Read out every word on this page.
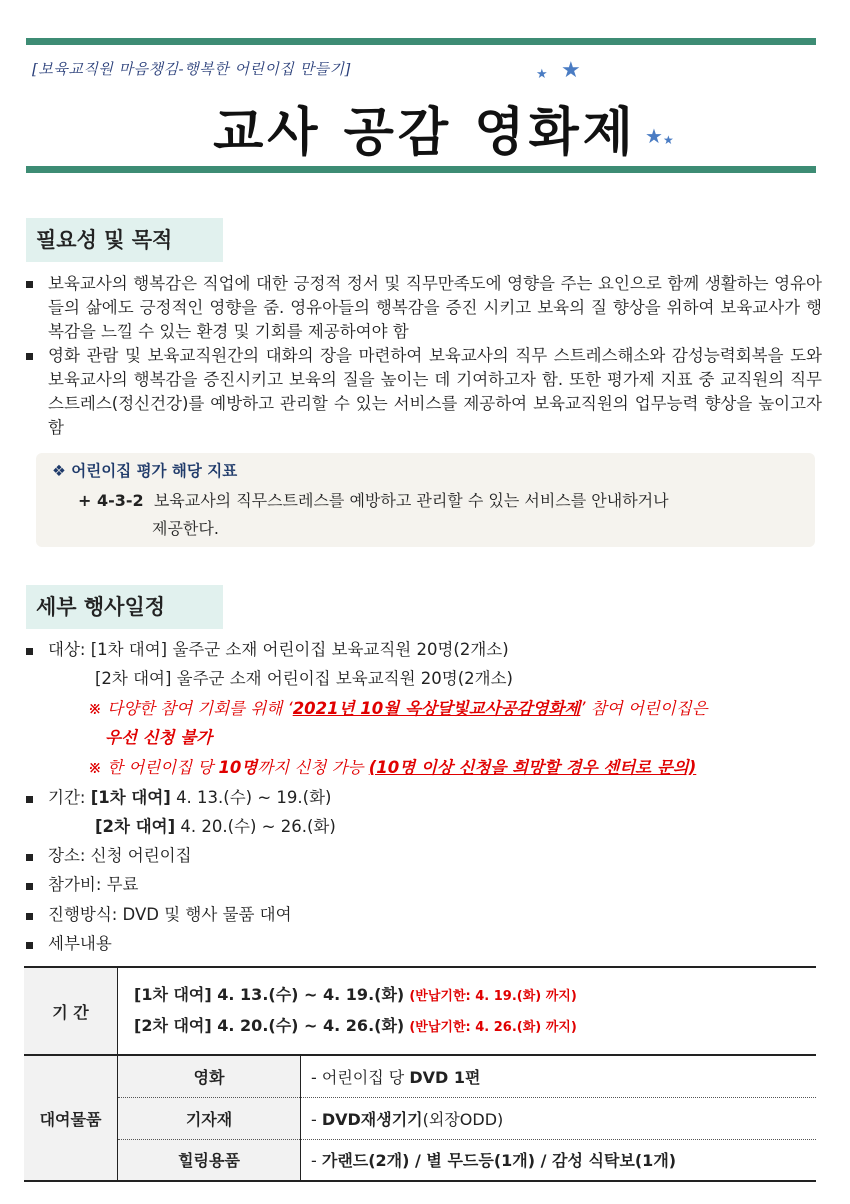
[보육교직원 마음챙김-행복한 어린이집 만들기]
교사 공감 영화제
★ ★
★ ★
필요성 및 목적
보육교사의 행복감은 직업에 대한 긍정적 정서 및 직무만족도에 영향을 주는 요인으로 함께 생활하는 영유아들의 삶에도 긍정적인 영향을 줌. 영유아들의 행복감을 증진 시키고 보육의 질 향상을 위하여 보육교사가 행복감을 느낄 수 있는 환경 및 기회를 제공하여야 함
영화 관람 및 보육교직원간의 대화의 장을 마련하여 보육교사의 직무 스트레스해소와 감성능력회복을 도와 보육교사의 행복감을 증진시키고 보육의 질을 높이는 데 기여하고자 함. 또한 평가제 지표 중 교직원의 직무스트레스(정신건강)를 예방하고 관리할 수 있는 서비스를 제공하여 보육교직원의 업무능력 향상을 높이고자 함
❖ 어린이집 평가 해당 지표
+ 4-3-2 보육교사의 직무스트레스를 예방하고 관리할 수 있는 서비스를 안내하거나
제공한다.
세부 행사일정
대상: [1차 대여] 울주군 소재 어린이집 보육교직원 20명(2개소)
[2차 대여] 울주군 소재 어린이집 보육교직원 20명(2개소)
※ 다양한 참여 기회를 위해 ‘2021년 10월 옥상달빛교사공감영화제’ 참여 어린이집은
우선 신청 불가
※ 한 어린이집 당 10명까지 신청 가능 (10명 이상 신청을 희망할 경우 센터로 문의)
기간: [1차 대여] 4. 13.(수) ~ 19.(화)
[2차 대여] 4. 20.(수) ~ 26.(화)
장소: 신청 어린이집
참가비: 무료
진행방식: DVD 및 행사 물품 대여
세부내용
기 간	[1차 대여] 4. 13.(수) ~ 4. 19.(화) (반납기한: 4. 19.(화) 까지)
[2차 대여] 4. 20.(수) ~ 4. 26.(화) (반납기한: 4. 26.(화) 까지)	
대여물품	영화	- 어린이집 당 DVD 1편
	기자재	- DVD재생기기(외장ODD)
	힐링용품	- 가랜드(2개) / 별 무드등(1개) / 감성 식탁보(1개)
